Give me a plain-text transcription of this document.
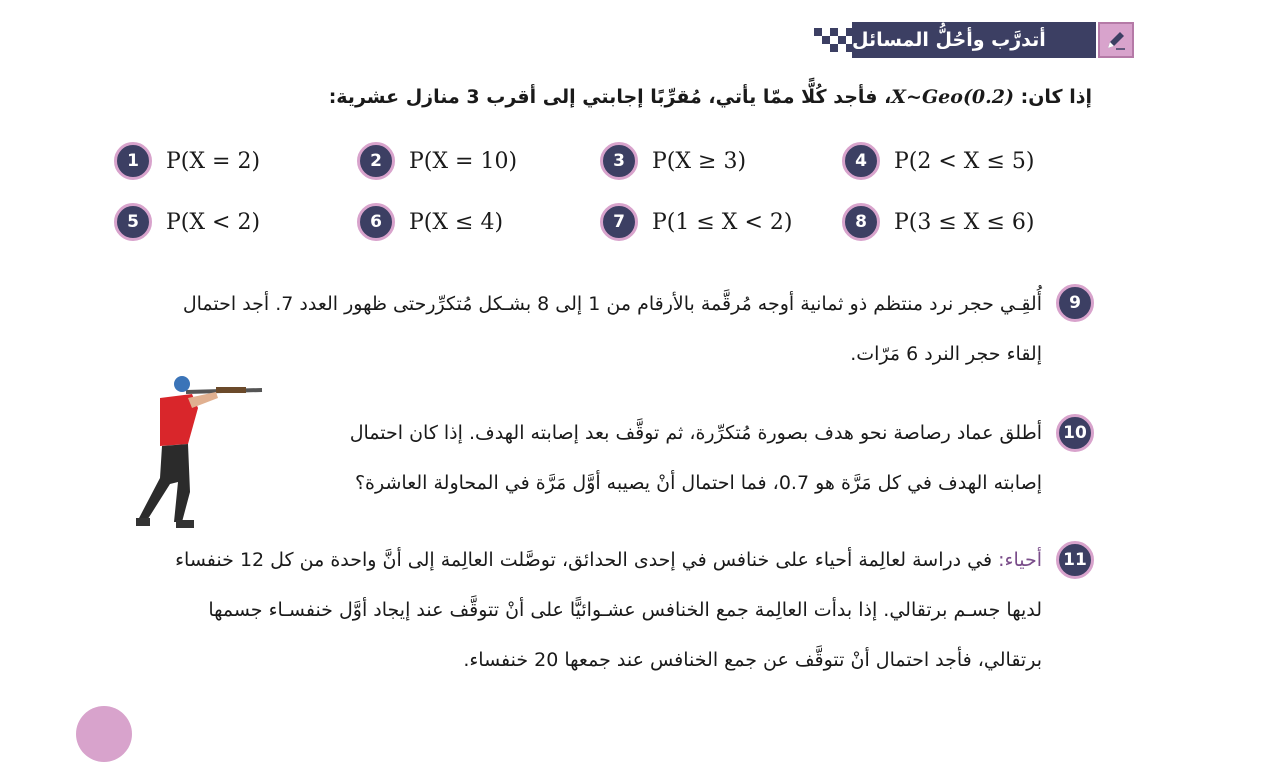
أتدرَّب وأحُلُّ المسائل
إذا كان: X~Geo(0.2)، فأجد كُلًّا ممّا يأتي، مُقرِّبًا إجابتي إلى أقرب 3 منازل عشرية:
1	P(X = 2)	2	P(X = 10)	3	P(X ≥ 3)	4	P(2 < X ≤ 5)
5	P(X < 2)	6	P(X ≤ 4)	7	P(1 ≤ X < 2)	8	P(3 ≤ X ≤ 6)
9
أُلقِـي حجر نرد منتظم ذو ثمانية أوجه مُرقَّمة بالأرقام من 1 إلى 8 بشـكل مُتكرِّرحتى ظهور العدد 7. أجد احتمال
إلقاء حجر النرد 6 مَرّات.
10
أطلق عماد رصاصة نحو هدف بصورة مُتكرِّرة، ثم توقَّف بعد إصابته الهدف. إذا كان احتمال
إصابته الهدف في كل مَرَّة هو 0.7، فما احتمال أنْ يصيبه أوَّل مَرَّة في المحاولة العاشرة؟
11
أحياء: في دراسة لعالِمة أحياء على خنافس في إحدى الحدائق، توصَّلت العالِمة إلى أنَّ واحدة من كل 12 خنفساء
لديها جسـم برتقالي. إذا بدأت العالِمة جمع الخنافس عشـوائيًّا على أنْ تتوقَّف عند إيجاد أوَّل خنفسـاء جسمها
برتقالي، فأجد احتمال أنْ تتوقَّف عن جمع الخنافس عند جمعها 20 خنفساء.
